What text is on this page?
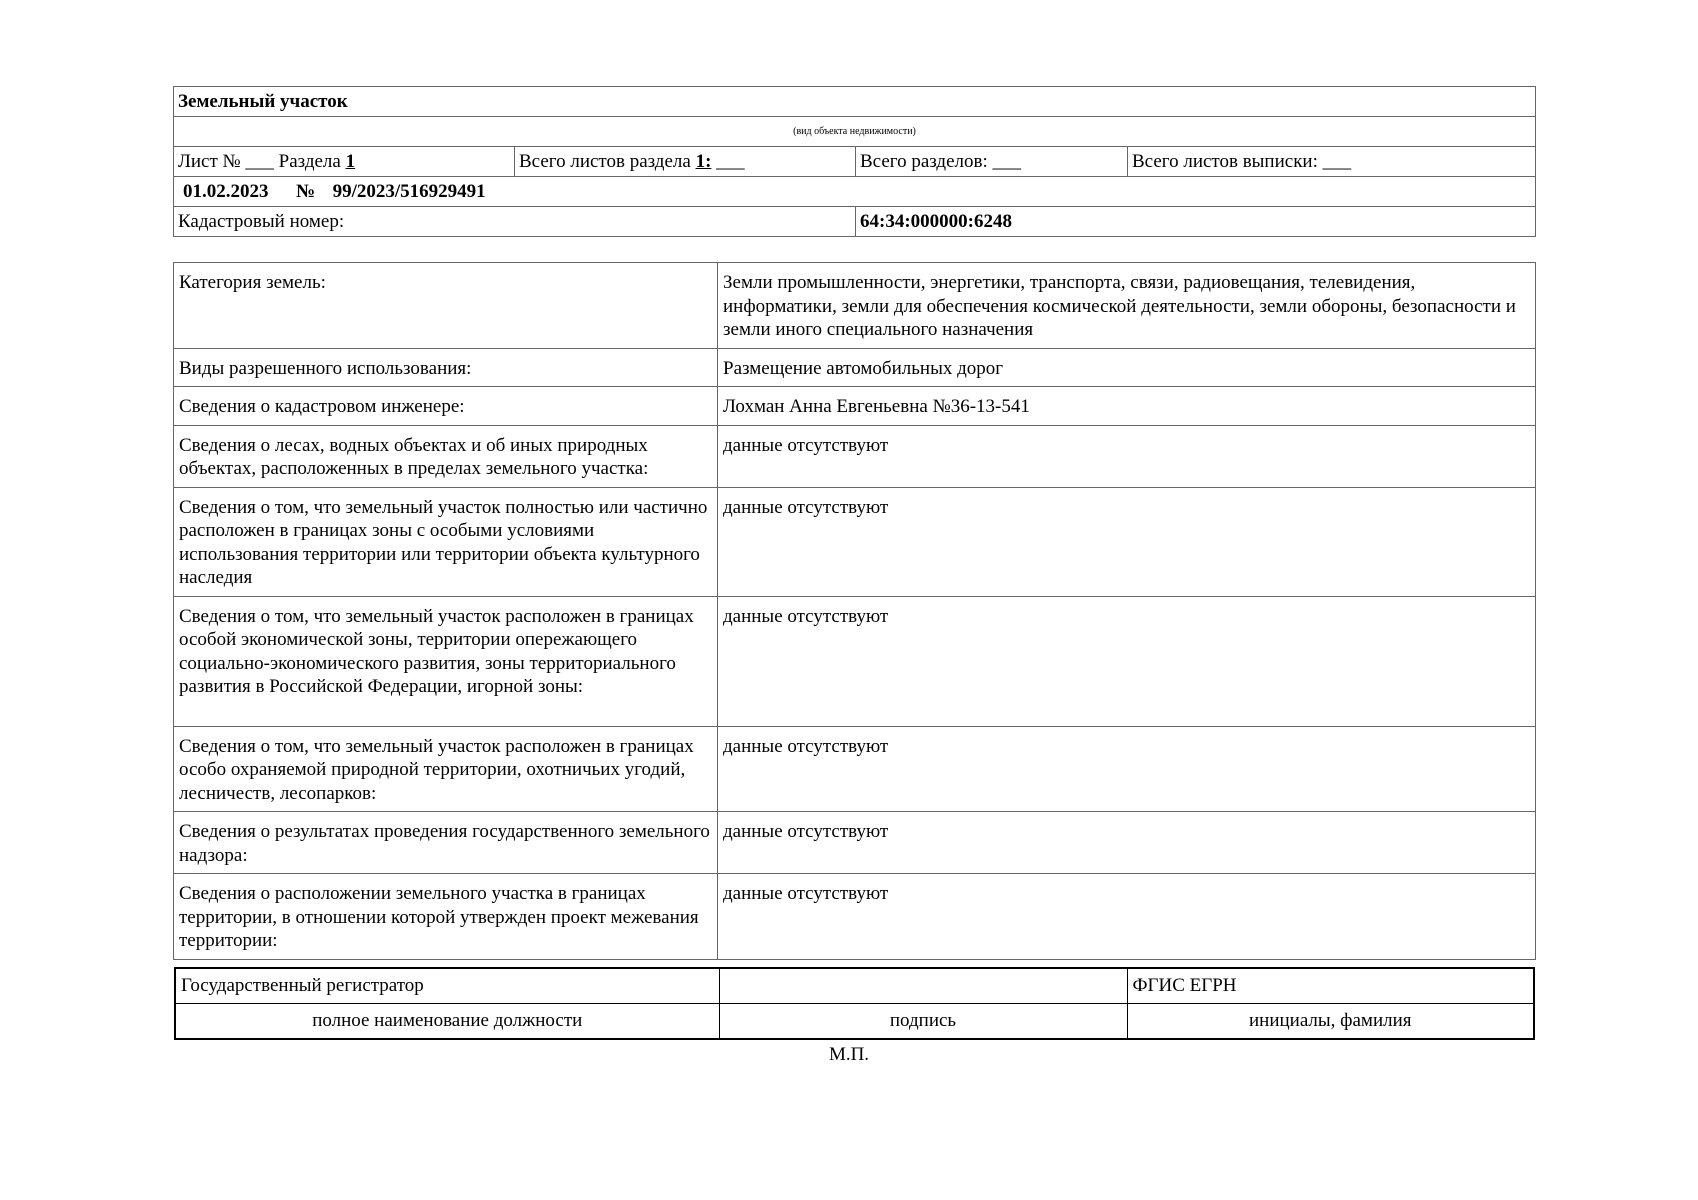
Земельный участок			
(вид объекта недвижимости)			
Лист № ___ Раздела 1	Всего листов раздела 1: ___	Всего разделов: ___	Всего листов выписки: ___
01.02.2023 № 99/2023/516929491			
Кадастровый номер:		64:34:000000:6248	
Категория земель:	Земли промышленности, энергетики, транспорта, связи, радиовещания, телевидения, информатики, земли для обеспечения космической деятельности, земли обороны, безопасности и земли иного специального назначения
Виды разрешенного использования:	Размещение автомобильных дорог
Сведения о кадастровом инженере:	Лохман Анна Евгеньевна №36-13-541
Сведения о лесах, водных объектах и об иных природных объектах, расположенных в пределах земельного участка:	данные отсутствуют
Сведения о том, что земельный участок полностью или частично расположен в границах зоны с особыми условиями использования территории или территории объекта культурного наследия	данные отсутствуют
Сведения о том, что земельный участок расположен в границах особой экономической зоны, территории опережающего социально-экономического развития, зоны территориального развития в Российской Федерации, игорной зоны:	данные отсутствуют
Сведения о том, что земельный участок расположен в границах особо охраняемой природной территории, охотничьих угодий, лесничеств, лесопарков:	данные отсутствуют
Сведения о результатах проведения государственного земельного надзора:	данные отсутствуют
Сведения о расположении земельного участка в границах территории, в отношении которой утвержден проект межевания территории:	данные отсутствуют
Государственный регистратор		ФГИС ЕГРН
полное наименование должности	подпись	инициалы, фамилия
М.П.
